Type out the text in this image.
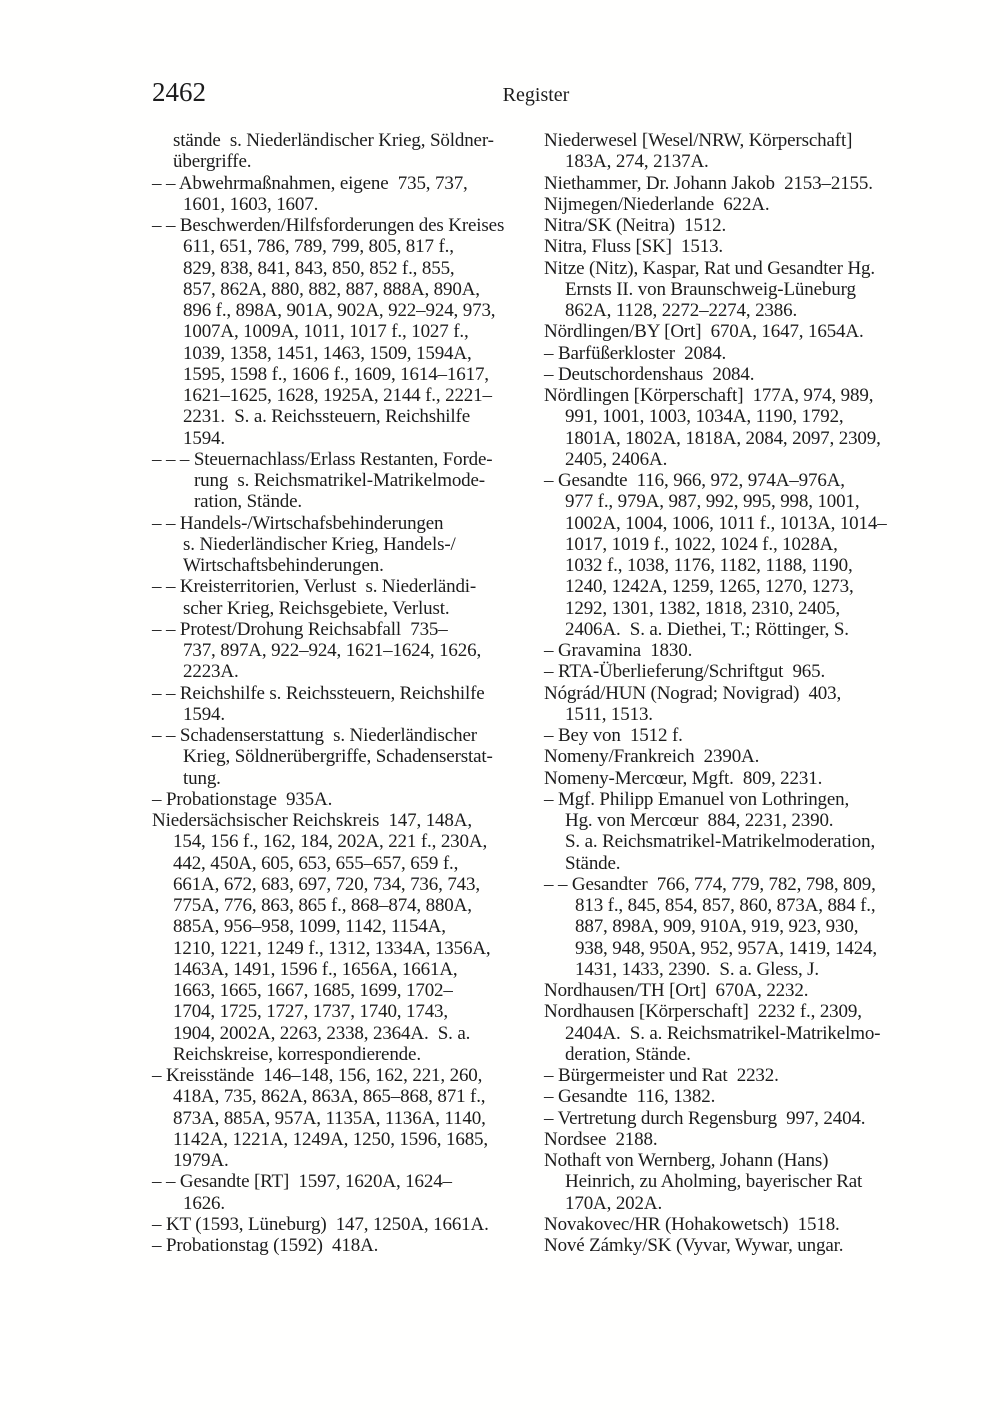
2462	Register
stände  s. Niederländischer Krieg, Söldner-
übergriffe.
– – Abwehrmaßnahmen, eigene  735, 737,
1601, 1603, 1607.
– – Beschwerden/Hilfsforderungen des Kreises
611, 651, 786, 789, 799, 805, 817 f.,
829, 838, 841, 843, 850, 852 f., 855,
857, 862A, 880, 882, 887, 888A, 890A,
896 f., 898A, 901A, 902A, 922–924, 973,
1007A, 1009A, 1011, 1017 f., 1027 f.,
1039, 1358, 1451, 1463, 1509, 1594A,
1595, 1598 f., 1606 f., 1609, 1614–1617,
1621–1625, 1628, 1925A, 2144 f., 2221–
2231.  S. a. Reichssteuern, Reichshilfe
1594.
– – – Steuernachlass/Erlass Restanten, Forde-
rung  s. Reichsmatrikel-Matrikelmode-
ration, Stände.
– – Handels-/Wirtschafsbehinderungen
s. Niederländischer Krieg, Handels-/
Wirtschaftsbehinderungen.
– – Kreisterritorien, Verlust  s. Niederländi-
scher Krieg, Reichsgebiete, Verlust.
– – Protest/Drohung Reichsabfall  735–
737, 897A, 922–924, 1621–1624, 1626,
2223A.
– – Reichshilfe s. Reichssteuern, Reichshilfe
1594.
– – Schadenserstattung  s. Niederländischer
Krieg, Söldnerübergriffe, Schadenserstat-
tung.
– Probationstage  935A.
Niedersächsischer Reichskreis  147, 148A,
154, 156 f., 162, 184, 202A, 221 f., 230A,
442, 450A, 605, 653, 655–657, 659 f.,
661A, 672, 683, 697, 720, 734, 736, 743,
775A, 776, 863, 865 f., 868–874, 880A,
885A, 956–958, 1099, 1142, 1154A,
1210, 1221, 1249 f., 1312, 1334A, 1356A,
1463A, 1491, 1596 f., 1656A, 1661A,
1663, 1665, 1667, 1685, 1699, 1702–
1704, 1725, 1727, 1737, 1740, 1743,
1904, 2002A, 2263, 2338, 2364A.  S. a.
Reichskreise, korrespondierende.
– Kreisstände  146–148, 156, 162, 221, 260,
418A, 735, 862A, 863A, 865–868, 871 f.,
873A, 885A, 957A, 1135A, 1136A, 1140,
1142A, 1221A, 1249A, 1250, 1596, 1685,
1979A.
– – Gesandte [RT]  1597, 1620A, 1624–
1626.
– KT (1593, Lüneburg)  147, 1250A, 1661A.
– Probationstag (1592)  418A.
Niederwesel [Wesel/NRW, Körperschaft]
183A, 274, 2137A.
Niethammer, Dr. Johann Jakob  2153–2155.
Nijmegen/Niederlande  622A.
Nitra/SK (Neitra)  1512.
Nitra, Fluss [SK]  1513.
Nitze (Nitz), Kaspar, Rat und Gesandter Hg.
Ernsts II. von Braunschweig-Lüneburg
862A, 1128, 2272–2274, 2386.
Nördlingen/BY [Ort]  670A, 1647, 1654A.
– Barfüßerkloster  2084.
– Deutschordenshaus  2084.
Nördlingen [Körperschaft]  177A, 974, 989,
991, 1001, 1003, 1034A, 1190, 1792,
1801A, 1802A, 1818A, 2084, 2097, 2309,
2405, 2406A.
– Gesandte  116, 966, 972, 974A–976A,
977 f., 979A, 987, 992, 995, 998, 1001,
1002A, 1004, 1006, 1011 f., 1013A, 1014–
1017, 1019 f., 1022, 1024 f., 1028A,
1032 f., 1038, 1176, 1182, 1188, 1190,
1240, 1242A, 1259, 1265, 1270, 1273,
1292, 1301, 1382, 1818, 2310, 2405,
2406A.  S. a. Diethei, T.; Röttinger, S.
– Gravamina  1830.
– RTA-Überlieferung/Schriftgut  965.
Nógrád/HUN (Nograd; Novigrad)  403,
1511, 1513.
– Bey von  1512 f.
Nomeny/Frankreich  2390A.
Nomeny-Mercœur, Mgft.  809, 2231.
– Mgf. Philipp Emanuel von Lothringen,
Hg. von Mercœur  884, 2231, 2390.
S. a. Reichsmatrikel-Matrikelmoderation,
Stände.
– – Gesandter  766, 774, 779, 782, 798, 809,
813 f., 845, 854, 857, 860, 873A, 884 f.,
887, 898A, 909, 910A, 919, 923, 930,
938, 948, 950A, 952, 957A, 1419, 1424,
1431, 1433, 2390.  S. a. Gless, J.
Nordhausen/TH [Ort]  670A, 2232.
Nordhausen [Körperschaft]  2232 f., 2309,
2404A.  S. a. Reichsmatrikel-Matrikelmo-
deration, Stände.
– Bürgermeister und Rat  2232.
– Gesandte  116, 1382.
– Vertretung durch Regensburg  997, 2404.
Nordsee  2188.
Nothaft von Wernberg, Johann (Hans)
Heinrich, zu Aholming, bayerischer Rat
170A, 202A.
Novakovec/HR (Hohakowetsch)  1518.
Nové Zámky/SK (Vyvar, Wywar, ungar.
